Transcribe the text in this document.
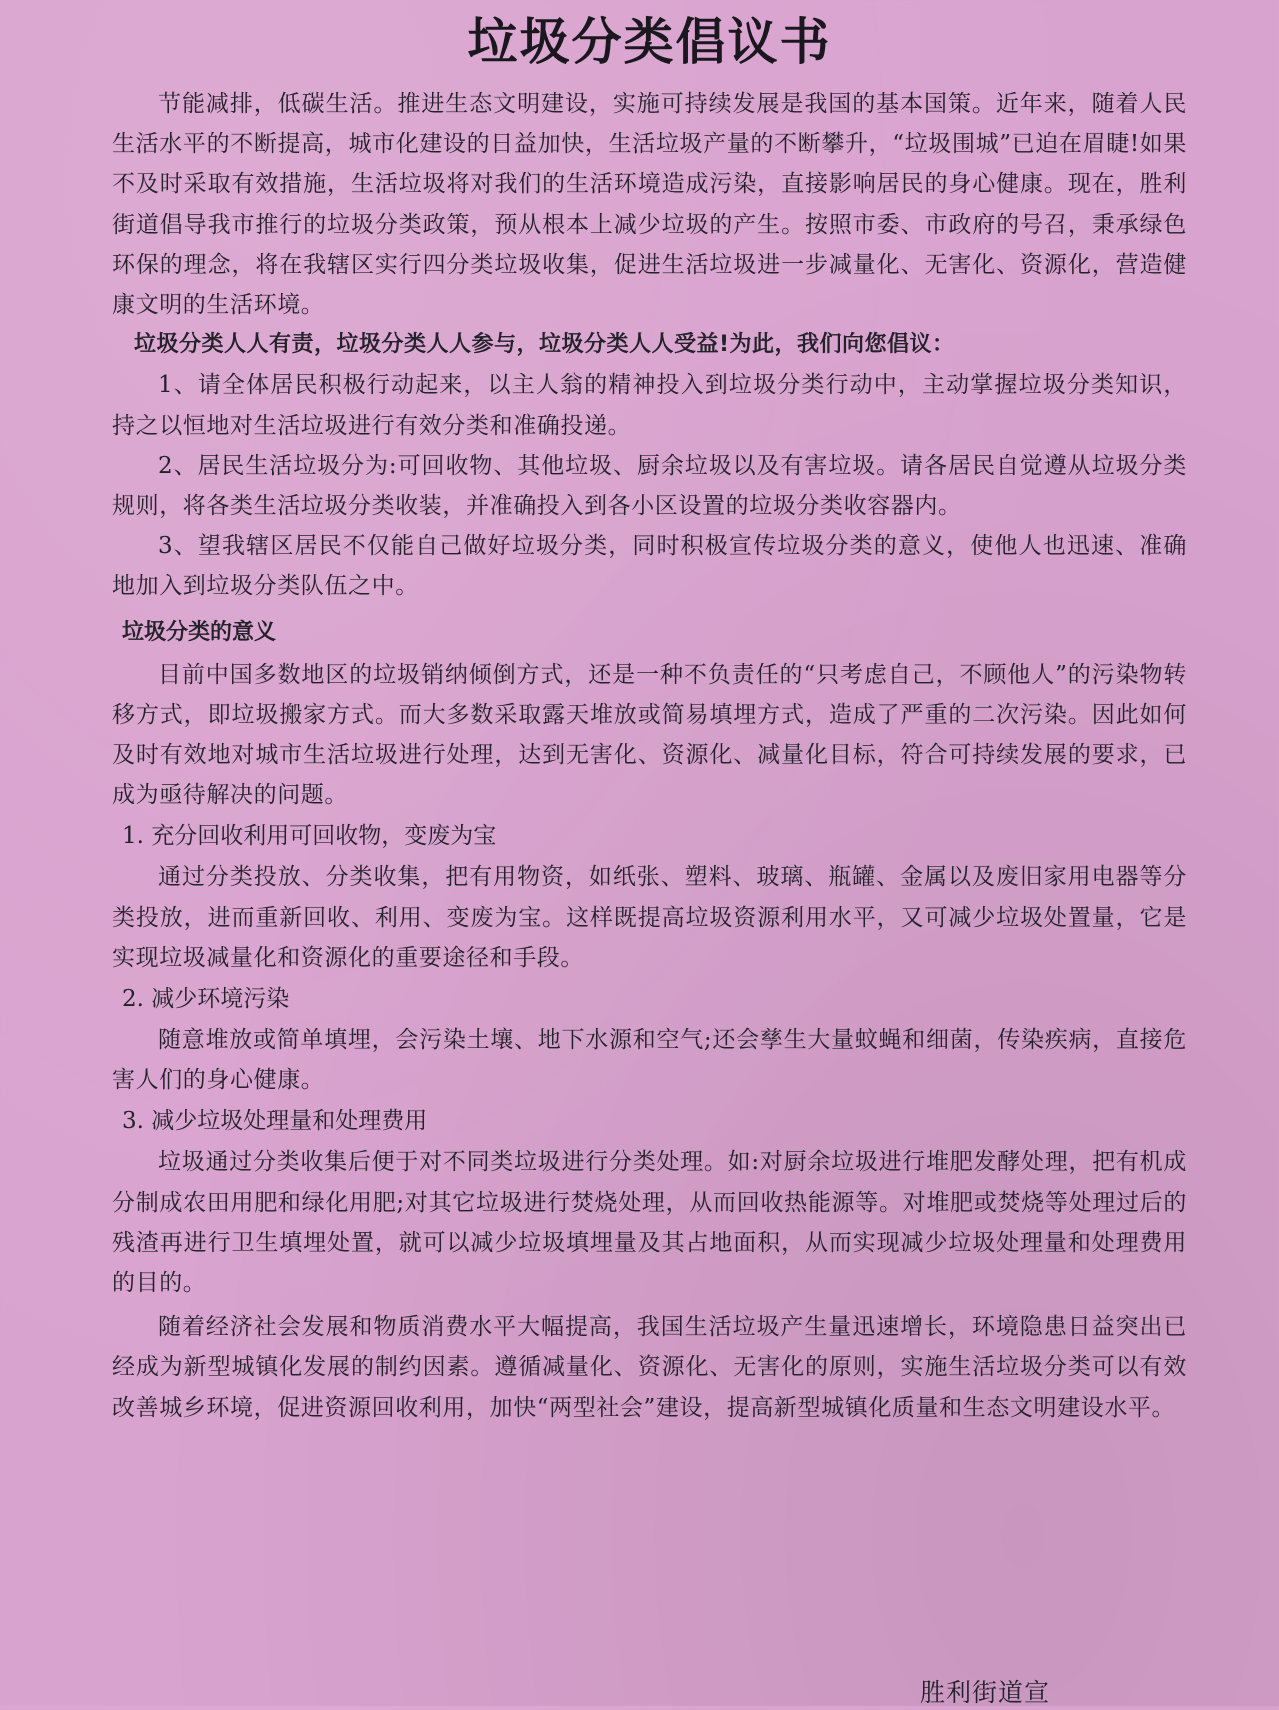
垃圾分类倡议书

节能减排，低碳生活。推进生态文明建设，实施可持续发展是我国的基本国策。近年来，随着人民生活水平的不断提高，城市化建设的日益加快，生活垃圾产量的不断攀升，“垃圾围城”已迫在眉睫!如果不及时采取有效措施，生活垃圾将对我们的生活环境造成污染，直接影响居民的身心健康。现在，胜利街道倡导我市推行的垃圾分类政策，预从根本上减少垃圾的产生。按照市委、市政府的号召，秉承绿色环保的理念，将在我辖区实行四分类垃圾收集，促进生活垃圾进一步减量化、无害化、资源化，营造健康文明的生活环境。

垃圾分类人人有责，垃圾分类人人参与，垃圾分类人人受益!为此，我们向您倡议：

1、请全体居民积极行动起来，以主人翁的精神投入到垃圾分类行动中，主动掌握垃圾分类知识，持之以恒地对生活垃圾进行有效分类和准确投递。

2、居民生活垃圾分为:可回收物、其他垃圾、厨余垃圾以及有害垃圾。请各居民自觉遵从垃圾分类规则，将各类生活垃圾分类收装，并准确投入到各小区设置的垃圾分类收容器内。

3、望我辖区居民不仅能自己做好垃圾分类，同时积极宣传垃圾分类的意义，使他人也迅速、准确地加入到垃圾分类队伍之中。

垃圾分类的意义

目前中国多数地区的垃圾销纳倾倒方式，还是一种不负责任的“只考虑自己，不顾他人”的污染物转移方式，即垃圾搬家方式。而大多数采取露天堆放或简易填埋方式，造成了严重的二次污染。因此如何及时有效地对城市生活垃圾进行处理，达到无害化、资源化、减量化目标，符合可持续发展的要求，已成为亟待解决的问题。

1. 充分回收利用可回收物，变废为宝

通过分类投放、分类收集，把有用物资，如纸张、塑料、玻璃、瓶罐、金属以及废旧家用电器等分类投放，进而重新回收、利用、变废为宝。这样既提高垃圾资源利用水平，又可减少垃圾处置量，它是实现垃圾减量化和资源化的重要途径和手段。

2. 减少环境污染

随意堆放或简单填埋，会污染土壤、地下水源和空气;还会孳生大量蚊蝇和细菌，传染疾病，直接危害人们的身心健康。

3. 减少垃圾处理量和处理费用

垃圾通过分类收集后便于对不同类垃圾进行分类处理。如:对厨余垃圾进行堆肥发酵处理，把有机成分制成农田用肥和绿化用肥;对其它垃圾进行焚烧处理，从而回收热能源等。对堆肥或焚烧等处理过后的残渣再进行卫生填埋处置，就可以减少垃圾填埋量及其占地面积，从而实现减少垃圾处理量和处理费用的目的。

随着经济社会发展和物质消费水平大幅提高，我国生活垃圾产生量迅速增长，环境隐患日益突出已经成为新型城镇化发展的制约因素。遵循减量化、资源化、无害化的原则，实施生活垃圾分类可以有效改善城乡环境，促进资源回收利用，加快“两型社会”建设，提高新型城镇化质量和生态文明建设水平。

胜利街道宣
